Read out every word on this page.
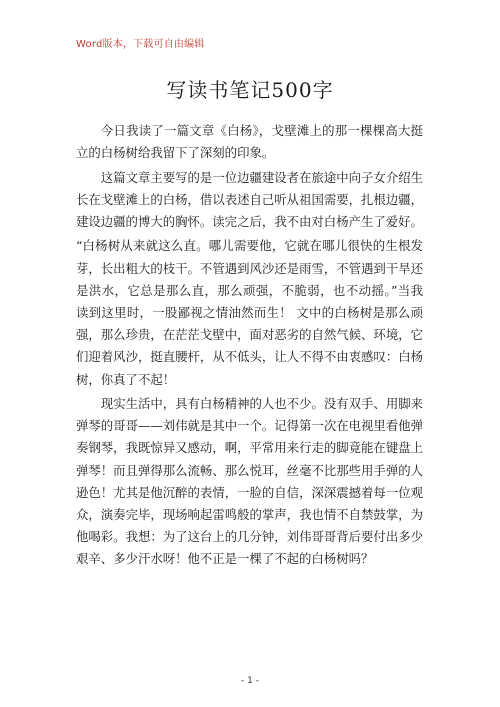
Word版本，下载可自由编辑
写读书笔记500字

今日我读了一篇文章《白杨》，戈壁滩上的那一棵棵高大挺立的白杨树给我留下了深刻的印象。

这篇文章主要写的是一位边疆建设者在旅途中向子女介绍生长在戈壁滩上的白杨，借以表述自己听从祖国需要，扎根边疆，建设边疆的博大的胸怀。读完之后，我不由对白杨产生了爱好。

“白杨树从来就这么直。哪儿需要他，它就在哪儿很快的生根发芽，长出粗大的枝干。不管遇到风沙还是雨雪，不管遇到干旱还是洪水，它总是那么直，那么顽强，不脆弱，也不动摇。”当我读到这里时，一股鄙视之情油然而生！ 文中的白杨树是那么顽强，那么珍贵，在茫茫戈壁中，面对恶劣的自然气候、环境，它们迎着风沙，挺直腰杆，从不低头，让人不得不由衷感叹：白杨树，你真了不起！

现实生活中，具有白杨精神的人也不少。没有双手、用脚来弹琴的哥哥——刘伟就是其中一个。记得第一次在电视里看他弹奏钢琴，我既惊异又感动，啊，平常用来行走的脚竟能在键盘上弹琴！而且弹得那么流畅、那么悦耳，丝毫不比那些用手弹的人逊色！尤其是他沉醉的表情，一脸的自信，深深震撼着每一位观众，演奏完毕，现场响起雷鸣般的掌声，我也情不自禁鼓掌，为他喝彩。我想：为了这台上的几分钟，刘伟哥哥背后要付出多少艰辛、多少汗水呀！他不正是一棵了不起的白杨树吗？

- 1 -
